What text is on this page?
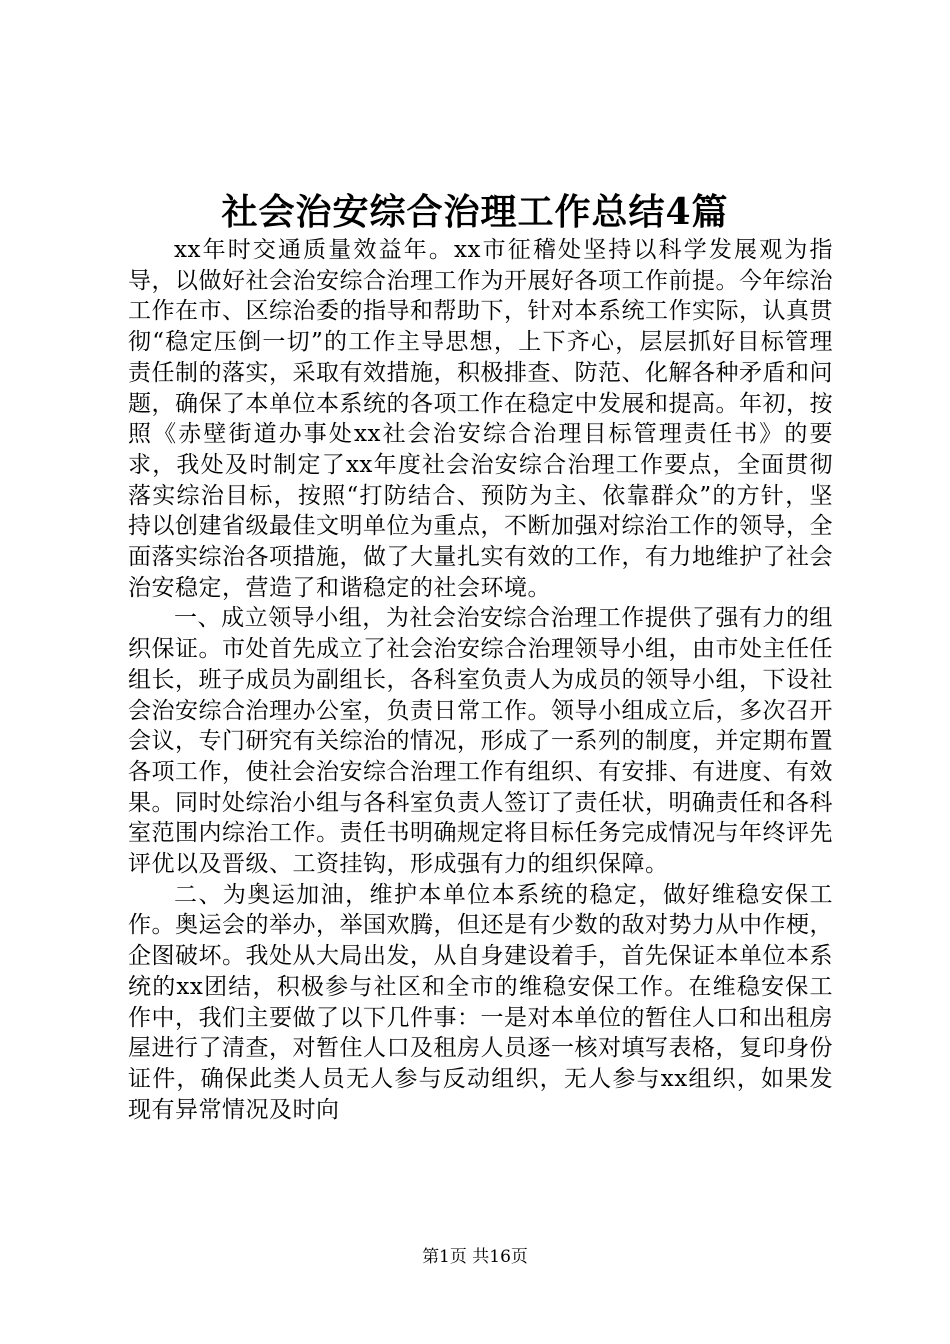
社会治安综合治理工作总结4篇

xx年时交通质量效益年。xx市征稽处坚持以科学发展观为指导，以做好社会治安综合治理工作为开展好各项工作前提。今年综治工作在市、区综治委的指导和帮助下，针对本系统工作实际，认真贯彻“稳定压倒一切”的工作主导思想，上下齐心，层层抓好目标管理责任制的落实，采取有效措施，积极排查、防范、化解各种矛盾和问题，确保了本单位本系统的各项工作在稳定中发展和提高。年初，按照《赤壁街道办事处xx社会治安综合治理目标管理责任书》的要求，我处及时制定了xx年度社会治安综合治理工作要点，全面贯彻落实综治目标，按照“打防结合、预防为主、依靠群众”的方针，坚持以创建省级最佳文明单位为重点，不断加强对综治工作的领导，全面落实综治各项措施，做了大量扎实有效的工作，有力地维护了社会治安稳定，营造了和谐稳定的社会环境。

一、成立领导小组，为社会治安综合治理工作提供了强有力的组织保证。市处首先成立了社会治安综合治理领导小组，由市处主任任组长，班子成员为副组长，各科室负责人为成员的领导小组，下设社会治安综合治理办公室，负责日常工作。领导小组成立后，多次召开会议，专门研究有关综治的情况，形成了一系列的制度，并定期布置各项工作，使社会治安综合治理工作有组织、有安排、有进度、有效果。同时处综治小组与各科室负责人签订了责任状，明确责任和各科室范围内综治工作。责任书明确规定将目标任务完成情况与年终评先评优以及晋级、工资挂钩，形成强有力的组织保障。

二、为奥运加油，维护本单位本系统的稳定，做好维稳安保工作。奥运会的举办，举国欢腾，但还是有少数的敌对势力从中作梗，企图破坏。我处从大局出发，从自身建设着手，首先保证本单位本系统的xx团结，积极参与社区和全市的维稳安保工作。在维稳安保工作中，我们主要做了以下几件事：一是对本单位的暂住人口和出租房屋进行了清查，对暂住人口及租房人员逐一核对填写表格，复印身份证件，确保此类人员无人参与反动组织，无人参与xx组织，如果发现有异常情况及时向

第1页 共16页
